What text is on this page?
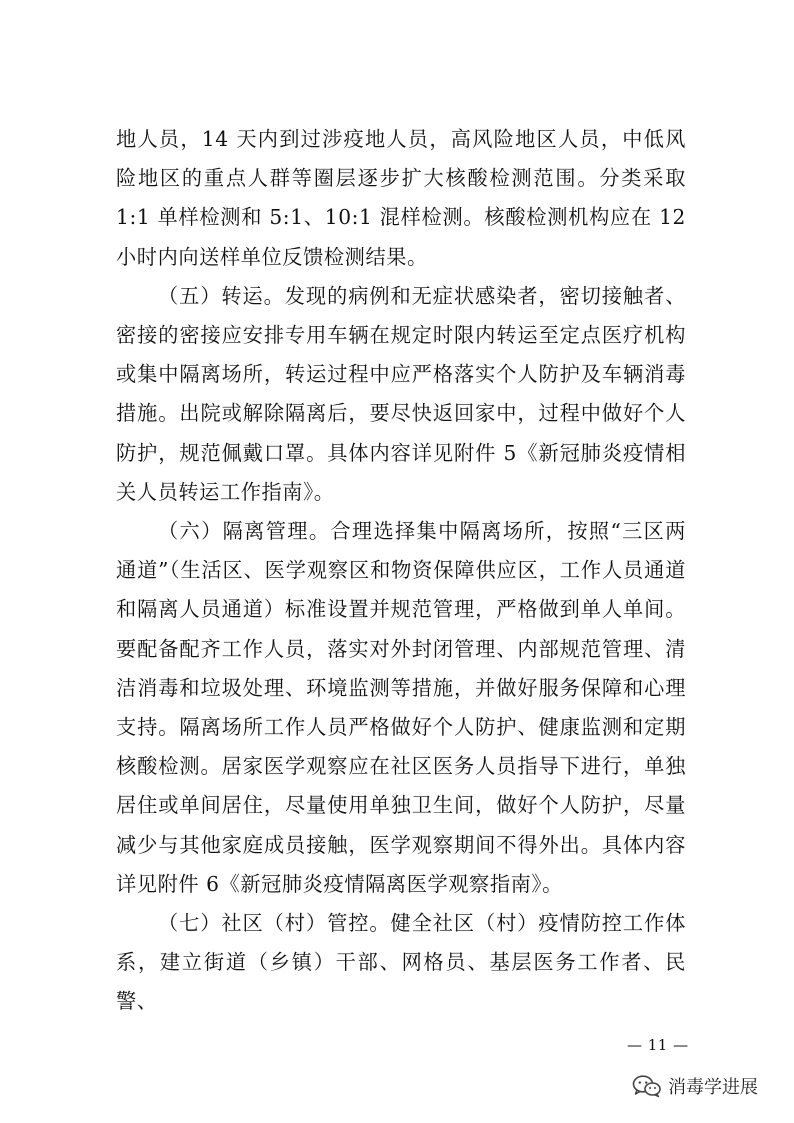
地人员，14 天内到过涉疫地人员，高风险地区人员，中低风险地区的重点人群等圈层逐步扩大核酸检测范围。分类采取 1:1 单样检测和 5:1、10:1 混样检测。核酸检测机构应在 12 小时内向送样单位反馈检测结果。

（五）转运。发现的病例和无症状感染者，密切接触者、密接的密接应安排专用车辆在规定时限内转运至定点医疗机构或集中隔离场所，转运过程中应严格落实个人防护及车辆消毒措施。出院或解除隔离后，要尽快返回家中，过程中做好个人防护，规范佩戴口罩。具体内容详见附件 5《新冠肺炎疫情相关人员转运工作指南》。

（六）隔离管理。合理选择集中隔离场所，按照“三区两通道”（生活区、医学观察区和物资保障供应区，工作人员通道和隔离人员通道）标准设置并规范管理，严格做到单人单间。要配备配齐工作人员，落实对外封闭管理、内部规范管理、清洁消毒和垃圾处理、环境监测等措施，并做好服务保障和心理支持。隔离场所工作人员严格做好个人防护、健康监测和定期核酸检测。居家医学观察应在社区医务人员指导下进行，单独居住或单间居住，尽量使用单独卫生间，做好个人防护，尽量减少与其他家庭成员接触，医学观察期间不得外出。具体内容详见附件 6《新冠肺炎疫情隔离医学观察指南》。

（七）社区（村）管控。健全社区（村）疫情防控工作体系，建立街道（乡镇）干部、网格员、基层医务工作者、民警、

— 11 —
消毒学进展
